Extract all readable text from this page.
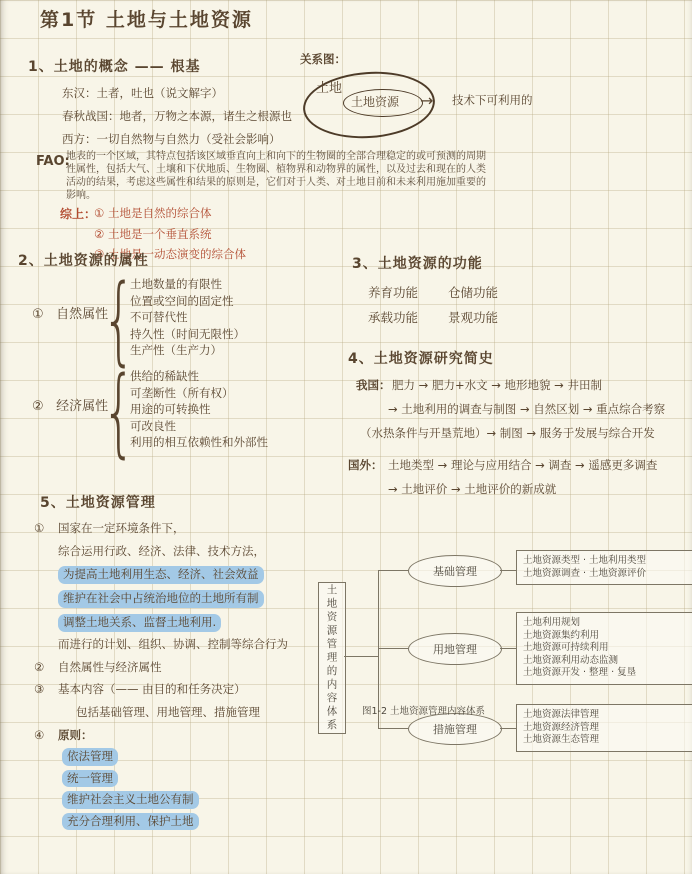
第1节 土地与土地资源
1、土地的概念 —— 根基
东汉：土者，吐也（说文解字）
春秋战国：地者，万物之本源，诸生之根源也
西方：一切自然物与自然力（受社会影响）
FAO:
地表的一个区域，其特点包括该区域垂直向上和向下的生物圈的全部合理稳定的或可预测的周期性属性，包括大气、土壤和下伏地质、生物圈、植物界和动物界的属性，以及过去和现在的人类活动的结果，考虑这些属性和结果的原则是，它们对于人类、对土地目前和未来利用施加重要的影响。
综上：
① 土地是自然的综合体
② 土地是一个垂直系统
③ 土地是一动态演变的综合体
关系图：
土地
土地资源 → 技术下可利用的
2、土地资源的属性
① 自然属性
{
土地数量的有限性
位置或空间的固定性
不可替代性
持久性（时间无限性）
生产性（生产力）
② 经济属性
{
供给的稀缺性
可垄断性（所有权）
用途的可转换性
可改良性
利用的相互依赖性和外部性
3、土地资源的功能
养育功能 仓储功能
承载功能 景观功能
4、土地资源研究简史
我国： 肥力 → 肥力+水文 → 地形地貌 → 井田制
→ 土地利用的调查与制图 → 自然区划 → 重点综合考察
（水热条件与开垦荒地）→ 制图 → 服务于发展与综合开发
国外： 土地类型 → 理论与应用结合 → 调查 → 遥感更多调查
→ 土地评价 → 土地评价的新成就
5、土地资源管理
① 国家在一定环境条件下，
综合运用行政、经济、法律、技术方法，
为提高土地利用生态、经济、社会效益
维护在社会中占统治地位的土地所有制
调整土地关系、监督土地利用.
而进行的计划、组织、协调、控制等综合行为
② 自然属性与经济属性
③ 基本内容（—— 由目的和任务决定）
包括基础管理、用地管理、措施管理
④ 原则：
依法管理
统一管理
维护社会主义土地公有制
充分合理利用、保护土地
土地资源管理的内容体系
基础管理
用地管理
措施管理
土地资源类型 · 土地利用类型
土地资源调查 · 土地资源评价
土地利用规划
土地资源集约利用
土地资源可持续利用
土地资源利用动态监测
土地资源开发 · 整理 · 复垦
土地资源法律管理
土地资源经济管理
土地资源生态管理
图1-2 土地资源管理内容体系
